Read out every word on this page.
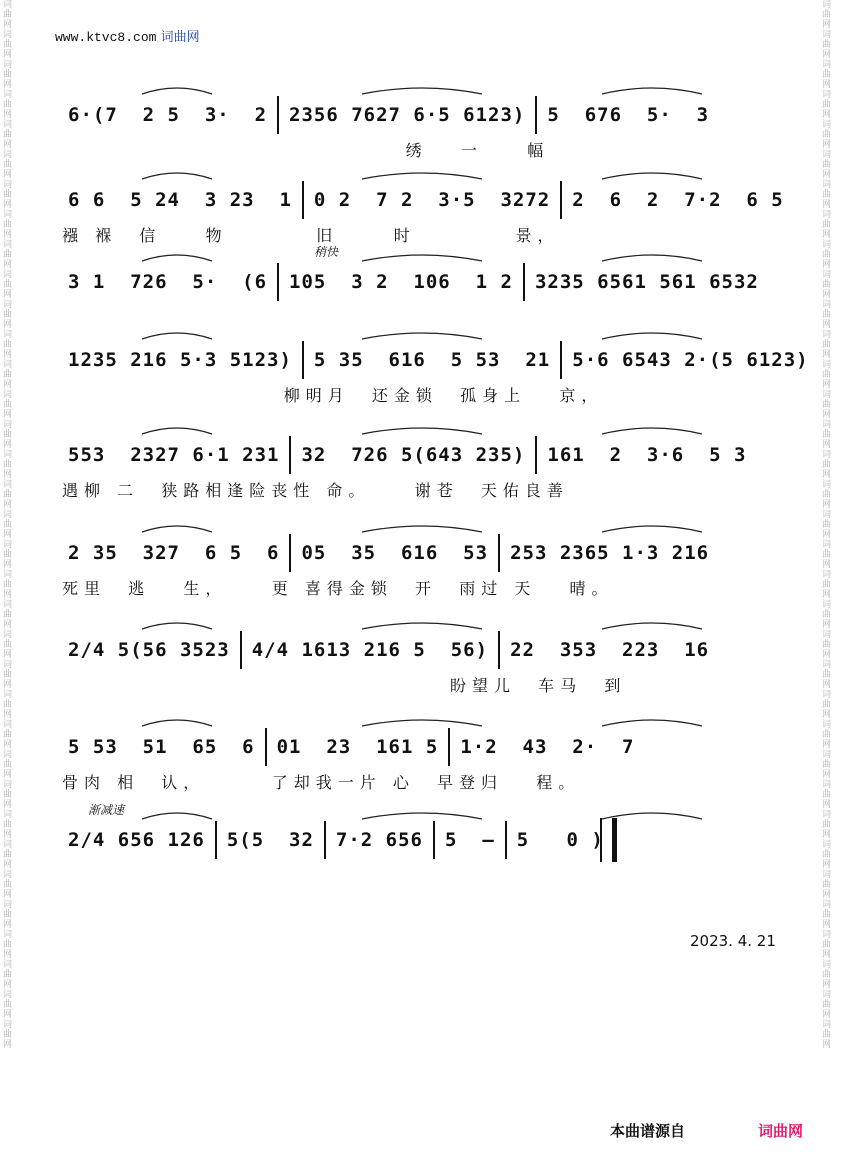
www.ktvc8.com 词曲网
词曲网词曲网词曲网词曲网词曲网词曲网词曲网词曲网词曲网词曲网词曲网词曲网词曲网词曲网词曲网词曲网词曲网词曲网词曲网词曲网词曲网词曲网词曲网词曲网词曲网词曲网词曲网词曲网词曲网词曲网词曲网词曲网词曲网词曲网词曲网
词曲网词曲网词曲网词曲网词曲网词曲网词曲网词曲网词曲网词曲网词曲网词曲网词曲网词曲网词曲网词曲网词曲网词曲网词曲网词曲网词曲网词曲网词曲网词曲网词曲网词曲网词曲网词曲网词曲网词曲网词曲网词曲网词曲网词曲网词曲网
6·(7  2 5  3·  2 2356 7627 6·5 6123) 5  676  5·  3
绣   一    幅
6 6  5 24  3 23  1 0 2  7 2  3·5  3272 2  6  2  7·2  6 5
襁 褓  信    物        旧     时         景，
稍快
3 1  726  5·  (6 105  3 2  106  1 2 3235 6561 561 6532
1235 216 5·3 5123) 5 35  616  5 53  21 5·6 6543 2·(5 6123)
柳明月  还金锁  孤身上   京，
553  2327 6·1 231 32  726 5(643 235) 161  2  3·6  5 3
遇柳 二  狭路相逢险丧性 命。    谢苍  天佑良善
2 35  327  6 5  6 05  35  616  53 253 2365 1·3 216
死里  逃   生，    更 喜得金锁  开  雨过 天   晴。
2/4 5(56 3523 4/4 1613 216 5  56) 22  353  223  16
盼望儿  车马  到
5 53  51  65  6 01  23  161 5 1·2  43  2·  7
骨肉 相  认，      了却我一片 心  早登归   程。
渐减速
2/4 656 126 5(5  32 7·2 656 5  – 5   0 )
2023. 4. 21
本曲谱源自	词曲网
